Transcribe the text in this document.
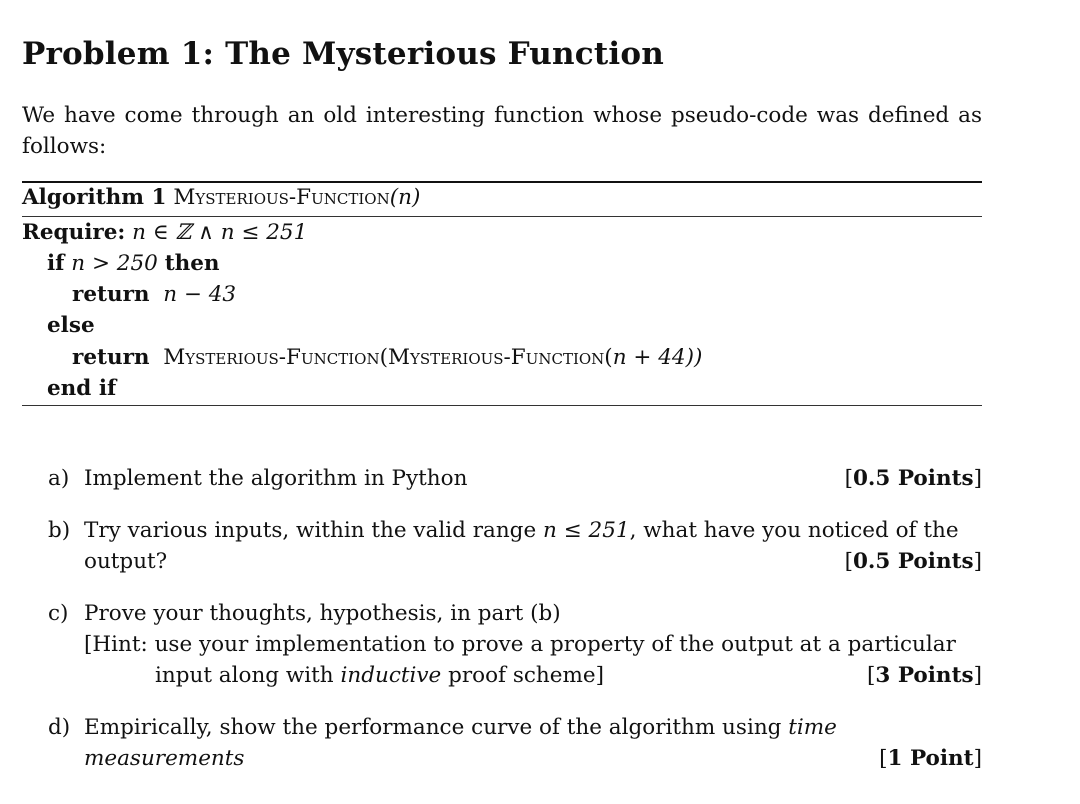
Problem 1: The Mysterious Function
We have come through an old interesting function whose pseudo-code was defined as follows:
Algorithm 1 Mysterious-Function(n)
Require: n ∈ ℤ ∧ n ≤ 251
if n > 250 then
return n − 43
else
return Mysterious-Function(Mysterious-Function(n + 44))
end if
a) Implement the algorithm in Python	[0.5 Points]
b) Try various inputs, within the valid range n ≤ 251, what have you noticed of the
output?	[0.5 Points]
c) Prove your thoughts, hypothesis, in part (b)
[Hint: use your implementation to prove a property of the output at a particular
input along with inductive proof scheme]	[3 Points]
d) Empirically, show the performance curve of the algorithm using time measurements	[1 Point]
